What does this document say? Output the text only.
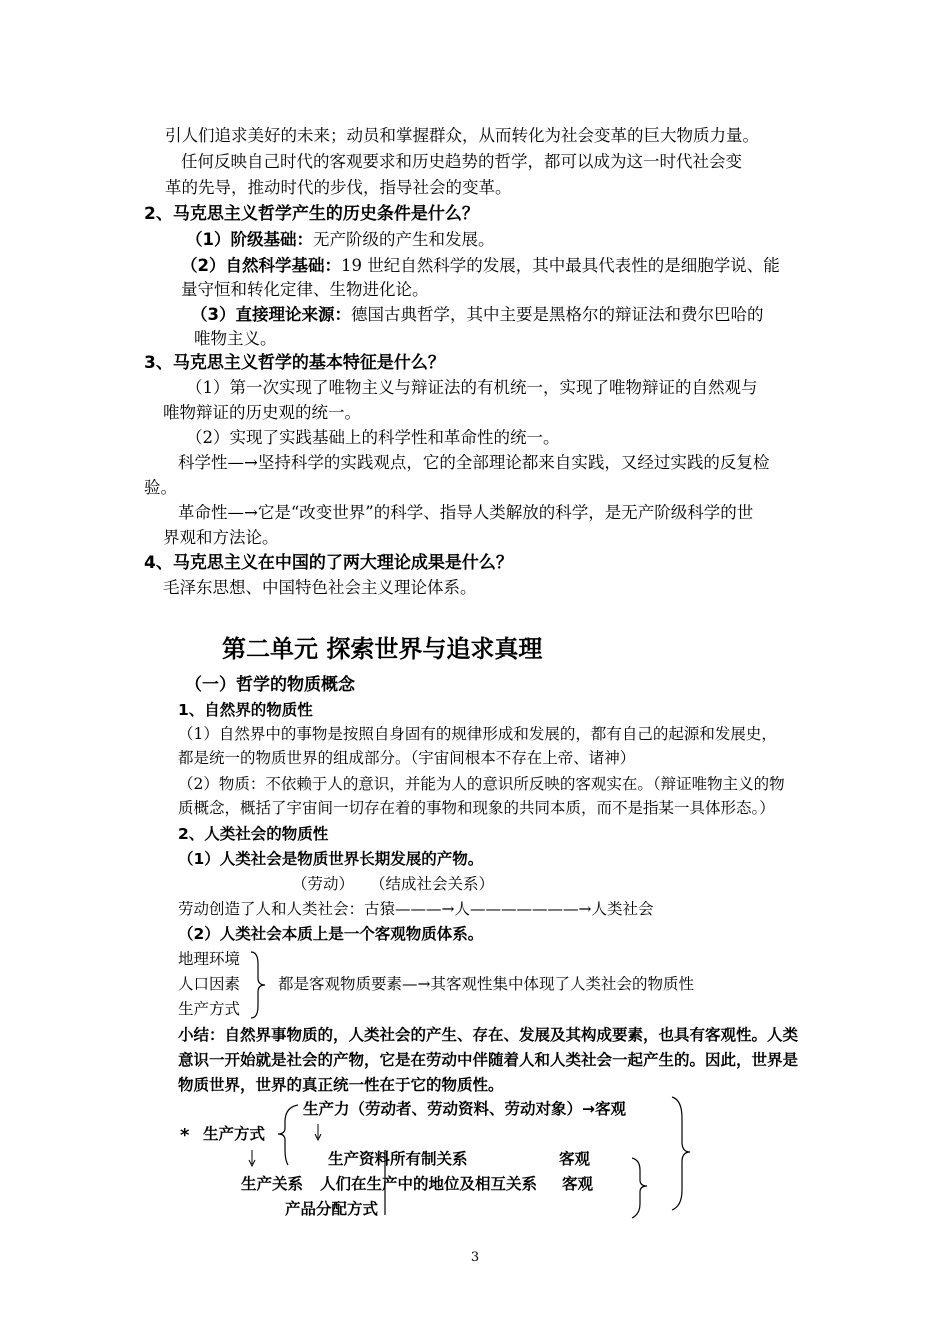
引人们追求美好的未来；动员和掌握群众，从而转化为社会变革的巨大物质力量。
任何反映自己时代的客观要求和历史趋势的哲学，都可以成为这一时代社会变
革的先导，推动时代的步伐，指导社会的变革。
2、马克思主义哲学产生的历史条件是什么？
（1）阶级基础：无产阶级的产生和发展。
（2）自然科学基础：19 世纪自然科学的发展，其中最具代表性的是细胞学说、能
量守恒和转化定律、生物进化论。
（3）直接理论来源：德国古典哲学，其中主要是黑格尔的辩证法和费尔巴哈的
唯物主义。
3、马克思主义哲学的基本特征是什么？
（1）第一次实现了唯物主义与辩证法的有机统一，实现了唯物辩证的自然观与
唯物辩证的历史观的统一。
（2）实现了实践基础上的科学性和革命性的统一。
科学性—→坚持科学的实践观点，它的全部理论都来自实践，又经过实践的反复检
验。
革命性—→它是“改变世界”的科学、指导人类解放的科学，是无产阶级科学的世
界观和方法论。
4、马克思主义在中国的了两大理论成果是什么？
毛泽东思想、中国特色社会主义理论体系。
第二单元 探索世界与追求真理
（一）哲学的物质概念
1、自然界的物质性
（1）自然界中的事物是按照自身固有的规律形成和发展的，都有自己的起源和发展史，
都是统一的物质世界的组成部分。（宇宙间根本不存在上帝、诸神）
（2）物质：不依赖于人的意识，并能为人的意识所反映的客观实在。（辩证唯物主义的物
质概念，概括了宇宙间一切存在着的事物和现象的共同本质，而不是指某一具体形态。）
2、人类社会的物质性
（1）人类社会是物质世界长期发展的产物。
（劳动） （结成社会关系）
劳动创造了人和人类社会：古猿———→人———————→人类社会
（2）人类社会本质上是一个客观物质体系。
地理环境
人口因素
生产方式
都是客观物质要素—→其客观性集中体现了人类社会的物质性
小结：自然界事物质的，人类社会的产生、存在、发展及其构成要素，也具有客观性。人类
意识一开始就是社会的产物，它是在劳动中伴随着人和人类社会一起产生的。因此，世界是
物质世界，世界的真正统一性在于它的物质性。
生产力（劳动者、劳动资料、劳动对象）→客观
* 生产方式
生产资料所有制关系	客观
生产关系 人们在生产中的地位及相互关系 客观
产品分配方式
3
